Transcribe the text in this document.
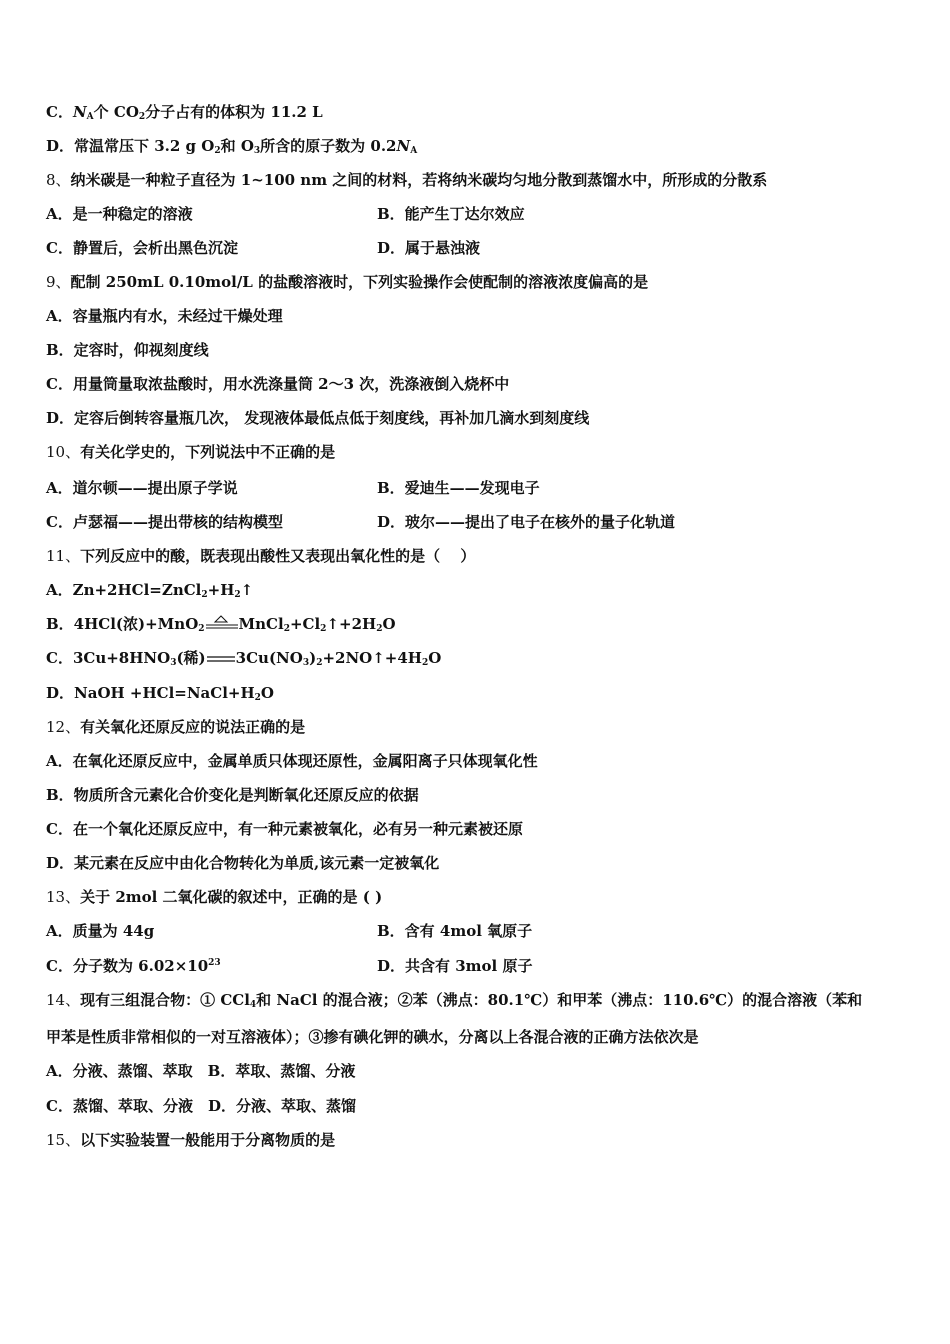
C．$N_A$个 $CO_2$分子占有的体积为 11.2 L
D．常温常压下 3.2 g $O_2$和 $O_3$所含的原子数为 $0.2N_A$
8、纳米碳是一种粒子直径为 1~100 nm 之间的材料，若将纳米碳均匀地分散到蒸馏水中，所形成的分散系
A．是一种稳定的溶液	B．能产生丁达尔效应
C．静置后，会析出黑色沉淀	D．属于悬浊液
9、配制 250mL 0.10mol/L 的盐酸溶液时，下列实验操作会使配制的溶液浓度偏高的是
A．容量瓶内有水，未经过干燥处理
B．定容时，仰视刻度线
C．用量筒量取浓盐酸时，用水洗涤量筒 2～3 次，洗涤液倒入烧杯中
D．定容后倒转容量瓶几次， 发现液体最低点低于刻度线，再补加几滴水到刻度线
10、有关化学史的，下列说法中不正确的是
A．道尔顿——提出原子学说	B．爱迪生——发现电子
C．卢瑟福——提出带核的结构模型	D．玻尔——提出了电子在核外的量子化轨道
11、下列反应中的酸，既表现出酸性又表现出氧化性的是（　 ）
A．$Zn+2HCl=ZnCl_2+H_2↑$
B．4HCl(浓)+MnO$_2$ $MnCl_2+Cl_2↑+2H_2O$
C．$3Cu+8HNO_3$(稀) $3Cu(NO_3)_2+2NO↑+4H_2O$
D．NaOH $+HCl=NaCl+H_2O$
12、有关氧化还原反应的说法正确的是
A．在氧化还原反应中，金属单质只体现还原性，金属阳离子只体现氧化性
B．物质所含元素化合价变化是判断氧化还原反应的依据
C．在一个氧化还原反应中，有一种元素被氧化，必有另一种元素被还原
D．某元素在反应中由化合物转化为单质,该元素一定被氧化
13、关于 2mol 二氧化碳的叙述中，正确的是 ( )
A．质量为 44g	B．含有 4mol 氧原子
C．分子数为 $6.02\times 10^{23}$	D．共含有 3mol 原子
14、现有三组混合物：① CCl$_4$和 NaCl 的混合液；②苯（沸点：80.1℃）和甲苯（沸点：110.6℃）的混合溶液（苯和
甲苯是性质非常相似的一对互溶液体）；③掺有碘化钾的碘水，分离以上各混合液的正确方法依次是
A．分液、蒸馏、萃取　B．萃取、蒸馏、分液
C．蒸馏、萃取、分液　D．分液、萃取、蒸馏
15、以下实验装置一般能用于分离物质的是
